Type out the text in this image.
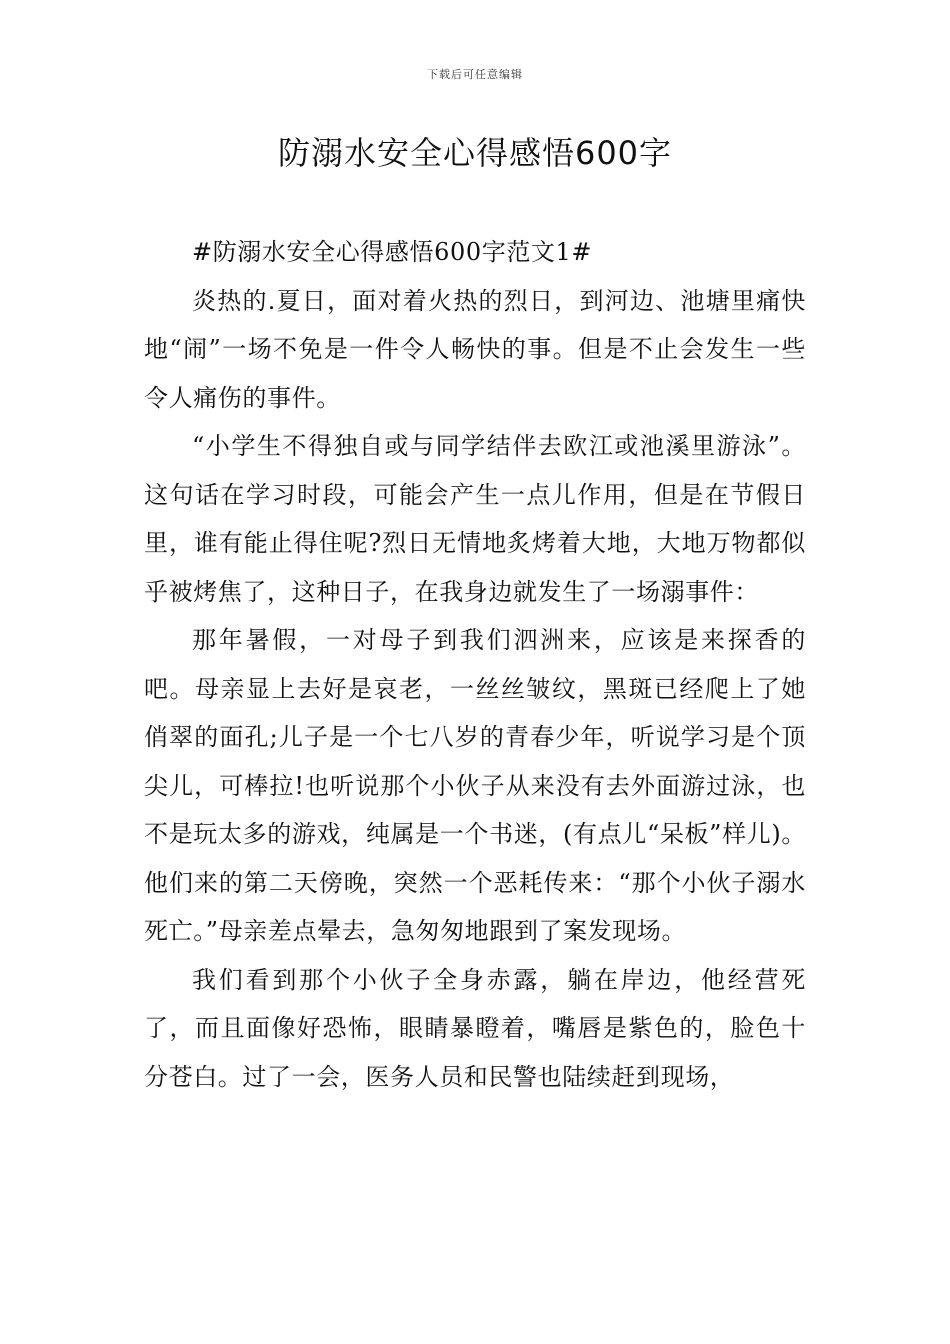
下载后可任意编辑
防溺水安全心得感悟600字

#防溺水安全心得感悟600字范文1#

炎热的.夏日，面对着火热的烈日，到河边、池塘里痛快地“闹”一场不免是一件令人畅快的事。但是不止会发生一些令人痛伤的事件。

“小学生不得独自或与同学结伴去欧江或池溪里游泳”。这句话在学习时段，可能会产生一点儿作用，但是在节假日里，谁有能止得住呢?烈日无情地炙烤着大地，大地万物都似乎被烤焦了，这种日子，在我身边就发生了一场溺事件：

那年暑假，一对母子到我们泗洲来，应该是来探香的吧。母亲显上去好是哀老，一丝丝皱纹，黑斑已经爬上了她俏翠的面孔;儿子是一个七八岁的青春少年，听说学习是个顶尖儿，可棒拉!也听说那个小伙子从来没有去外面游过泳，也不是玩太多的游戏，纯属是一个书迷，(有点儿“呆板”样儿)。他们来的第二天傍晚，突然一个恶耗传来：“那个小伙子溺水死亡。”母亲差点晕去，急匆匆地跟到了案发现场。

我们看到那个小伙子全身赤露，躺在岸边，他经营死了，而且面像好恐怖，眼睛暴瞪着，嘴唇是紫色的，脸色十分苍白。过了一会，医务人员和民警也陆续赶到现场，
